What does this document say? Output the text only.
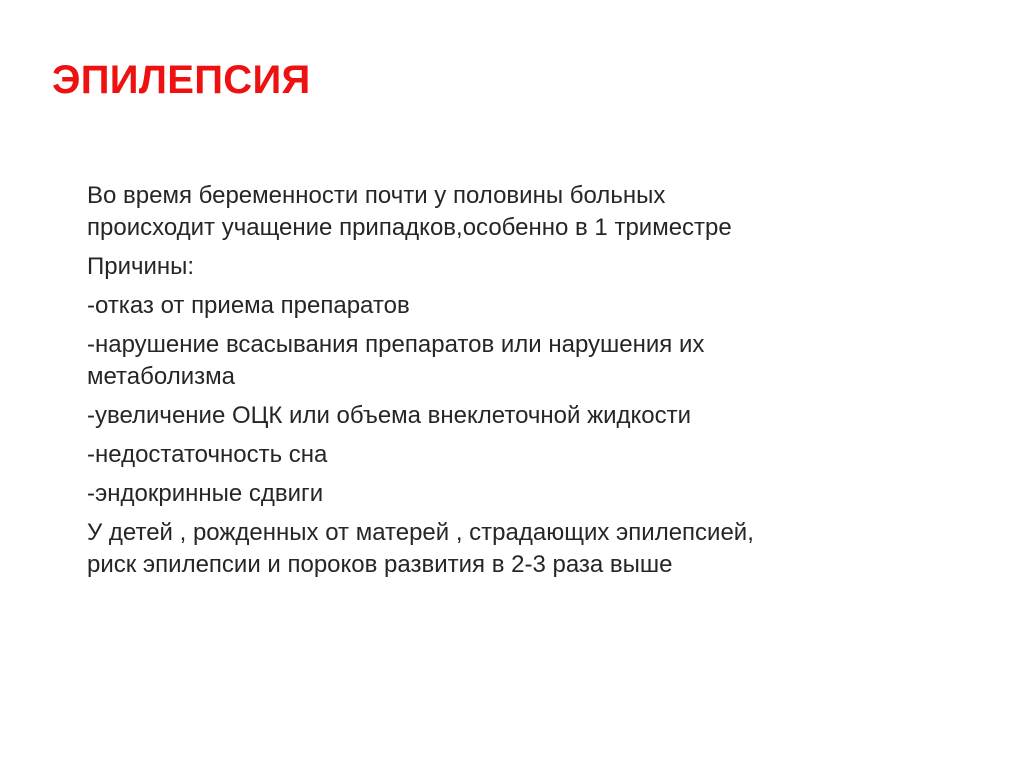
ЭПИЛЕПСИЯ

Во время беременности почти у половины больных
происходит учащение припадков,особенно в 1 триместре

Причины:

-отказ от приема препаратов

-нарушение всасывания препаратов или нарушения их
метаболизма

-увеличение ОЦК или объема внеклеточной жидкости

-недостаточность сна

-эндокринные сдвиги

У детей , рожденных от матерей , страдающих эпилепсией,
риск эпилепсии и пороков развития в 2-3 раза выше
